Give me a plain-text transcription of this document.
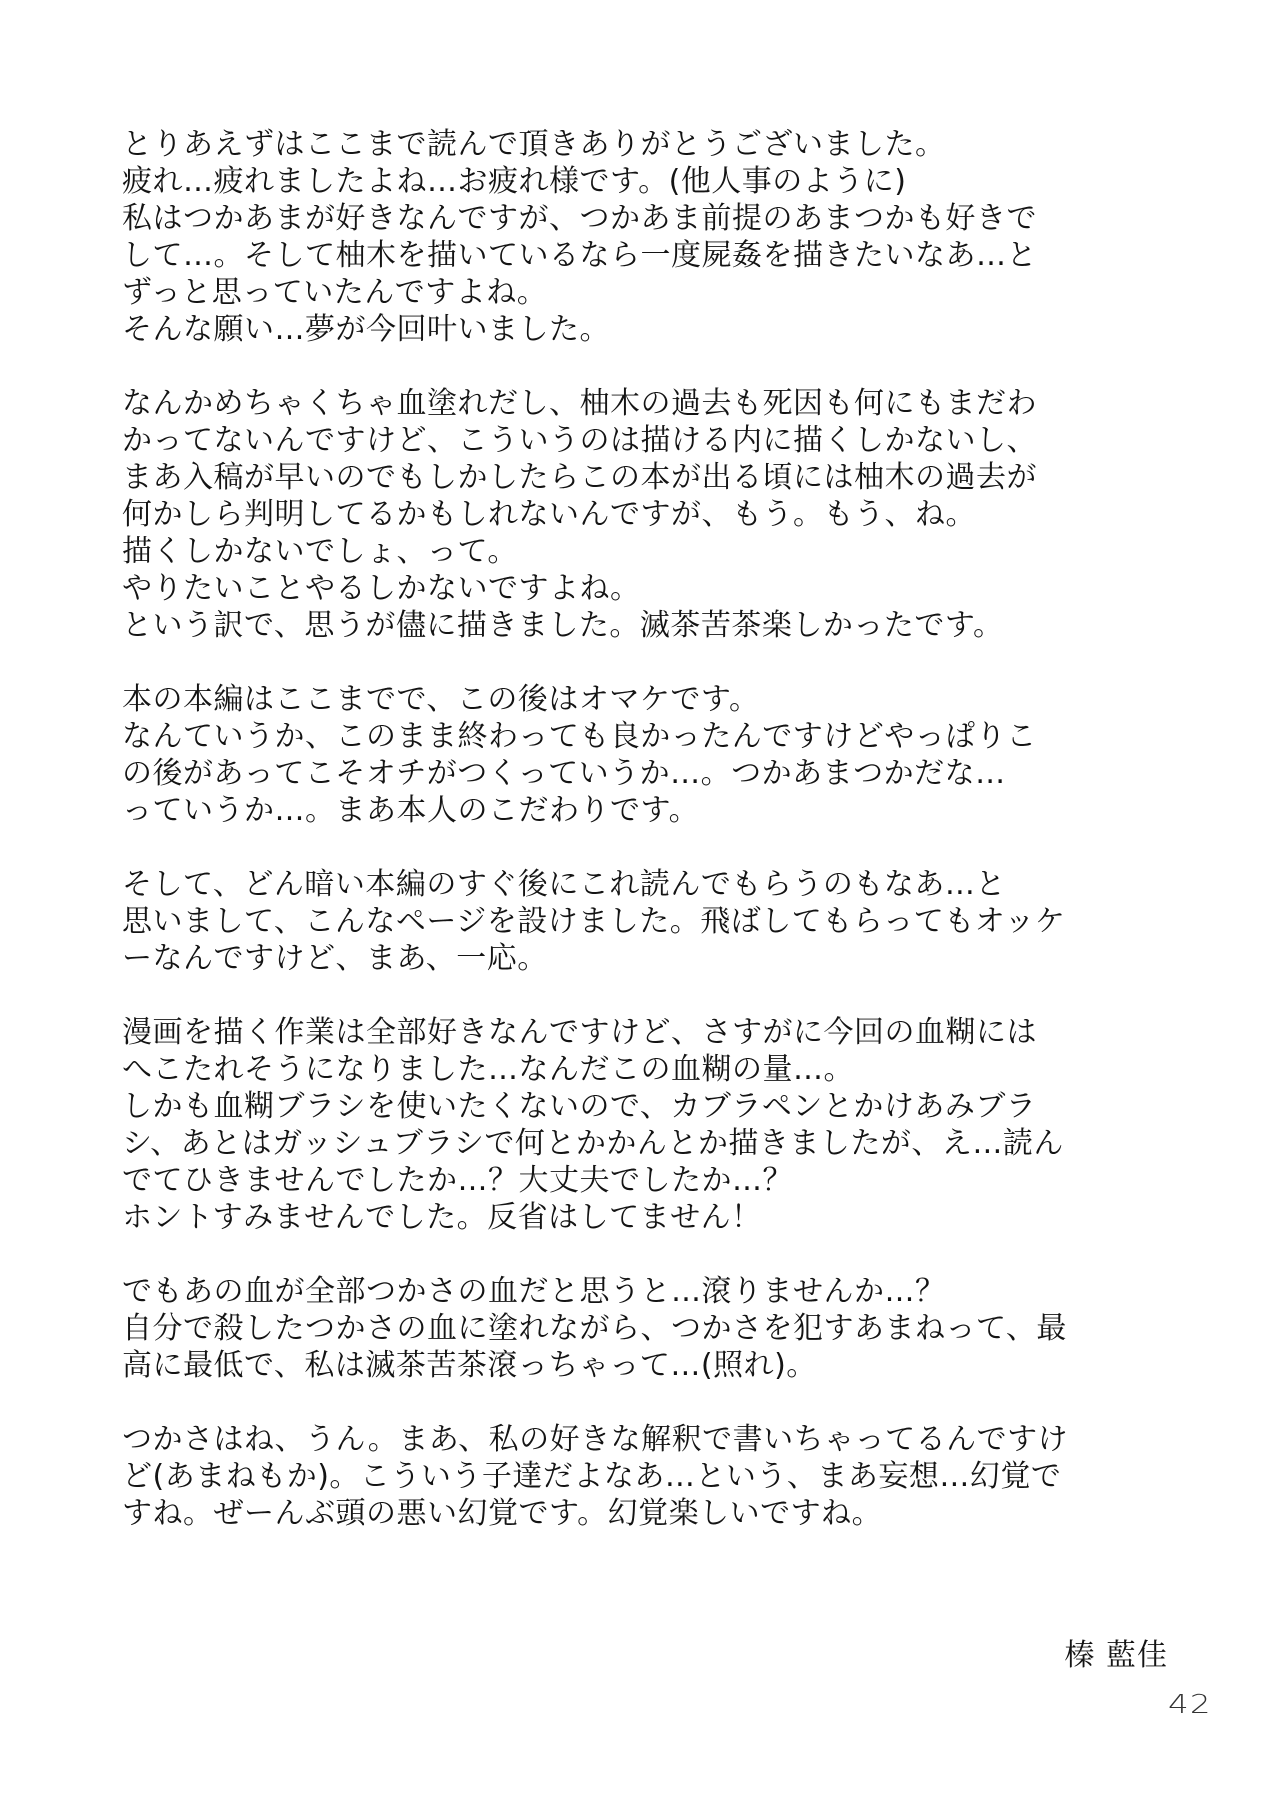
とりあえずはここまで読んで頂きありがとうございました。
疲れ…疲れましたよね…お疲れ様です。(他人事のように)
私はつかあまが好きなんですが、つかあま前提のあまつかも好きで
して…。そして柚木を描いているなら一度屍姦を描きたいなあ…と
ずっと思っていたんですよね。
そんな願い…夢が今回叶いました。
なんかめちゃくちゃ血塗れだし、柚木の過去も死因も何にもまだわ
かってないんですけど、こういうのは描ける内に描くしかないし、
まあ入稿が早いのでもしかしたらこの本が出る頃には柚木の過去が
何かしら判明してるかもしれないんですが、もう。もう、ね。
描くしかないでしょ、って。
やりたいことやるしかないですよね。
という訳で、思うが儘に描きました。滅茶苦茶楽しかったです。
本の本編はここまでで、この後はオマケです。
なんていうか、このまま終わっても良かったんですけどやっぱりこ
の後があってこそオチがつくっていうか…。つかあまつかだな…
っていうか…。まあ本人のこだわりです。
そして、どん暗い本編のすぐ後にこれ読んでもらうのもなあ…と
思いまして、こんなページを設けました。飛ばしてもらってもオッケ
ーなんですけど、まあ、一応。
漫画を描く作業は全部好きなんですけど、さすがに今回の血糊には
へこたれそうになりました…なんだこの血糊の量…。
しかも血糊ブラシを使いたくないので、カブラペンとかけあみブラ
シ、あとはガッシュブラシで何とかかんとか描きましたが、え…読ん
でてひきませんでしたか…？大丈夫でしたか…？
ホントすみませんでした。反省はしてません！
でもあの血が全部つかさの血だと思うと…滾りませんか…？
自分で殺したつかさの血に塗れながら、つかさを犯すあまねって、最
高に最低で、私は滅茶苦茶滾っちゃって…(照れ)。
つかさはね、うん。まあ、私の好きな解釈で書いちゃってるんですけ
ど(あまねもか)。こういう子達だよなあ…という、まあ妄想…幻覚で
すね。ぜーんぶ頭の悪い幻覚です。幻覚楽しいですね。
榛 藍佳
42
